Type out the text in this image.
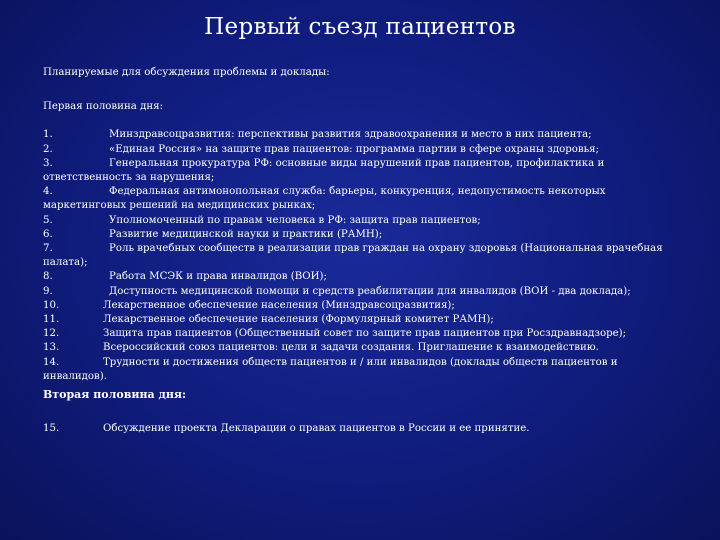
Первый съезд пациентов

Планируемые для обсуждения проблемы и доклады:

Первая половина дня:

1.	Минздравсоцразвития: перспективы развития здравоохранения и место в них пациента;

2.	«Единая Россия» на защите прав пациентов: программа партии в сфере охраны здоровья;

3.	Генеральная прокуратура РФ: основные виды нарушений прав пациентов, профилактика и ответственность за нарушения;

4.	Федеральная антимонопольная служба: барьеры, конкуренция, недопустимость некоторых маркетинговых решений на медицинских рынках;

5.	Уполномоченный по правам человека в РФ: защита прав пациентов;

6.	Развитие медицинской науки и практики (РАМН);

7.	Роль врачебных сообществ в реализации прав граждан на охрану здоровья (Национальная врачебная палата);

8.	Работа МСЭК и права инвалидов (ВОИ);

9.	Доступность медицинской помощи и средств реабилитации для инвалидов (ВОИ - два доклада);

10.	Лекарственное обеспечение населения (Минздравсоцразвития);

11.	Лекарственное обеспечение населения (Формулярный комитет РАМН);

12.	Защита прав пациентов (Общественный совет по защите прав пациентов при Росздравнадзоре);

13.	Всероссийский союз пациентов: цели и задачи создания. Приглашение к взаимодействию.

14.	Трудности и достижения обществ пациентов и / или инвалидов (доклады обществ пациентов и инвалидов).

Вторая половина дня:

15.	Обсуждение проекта Декларации о правах пациентов в России и ее принятие.
